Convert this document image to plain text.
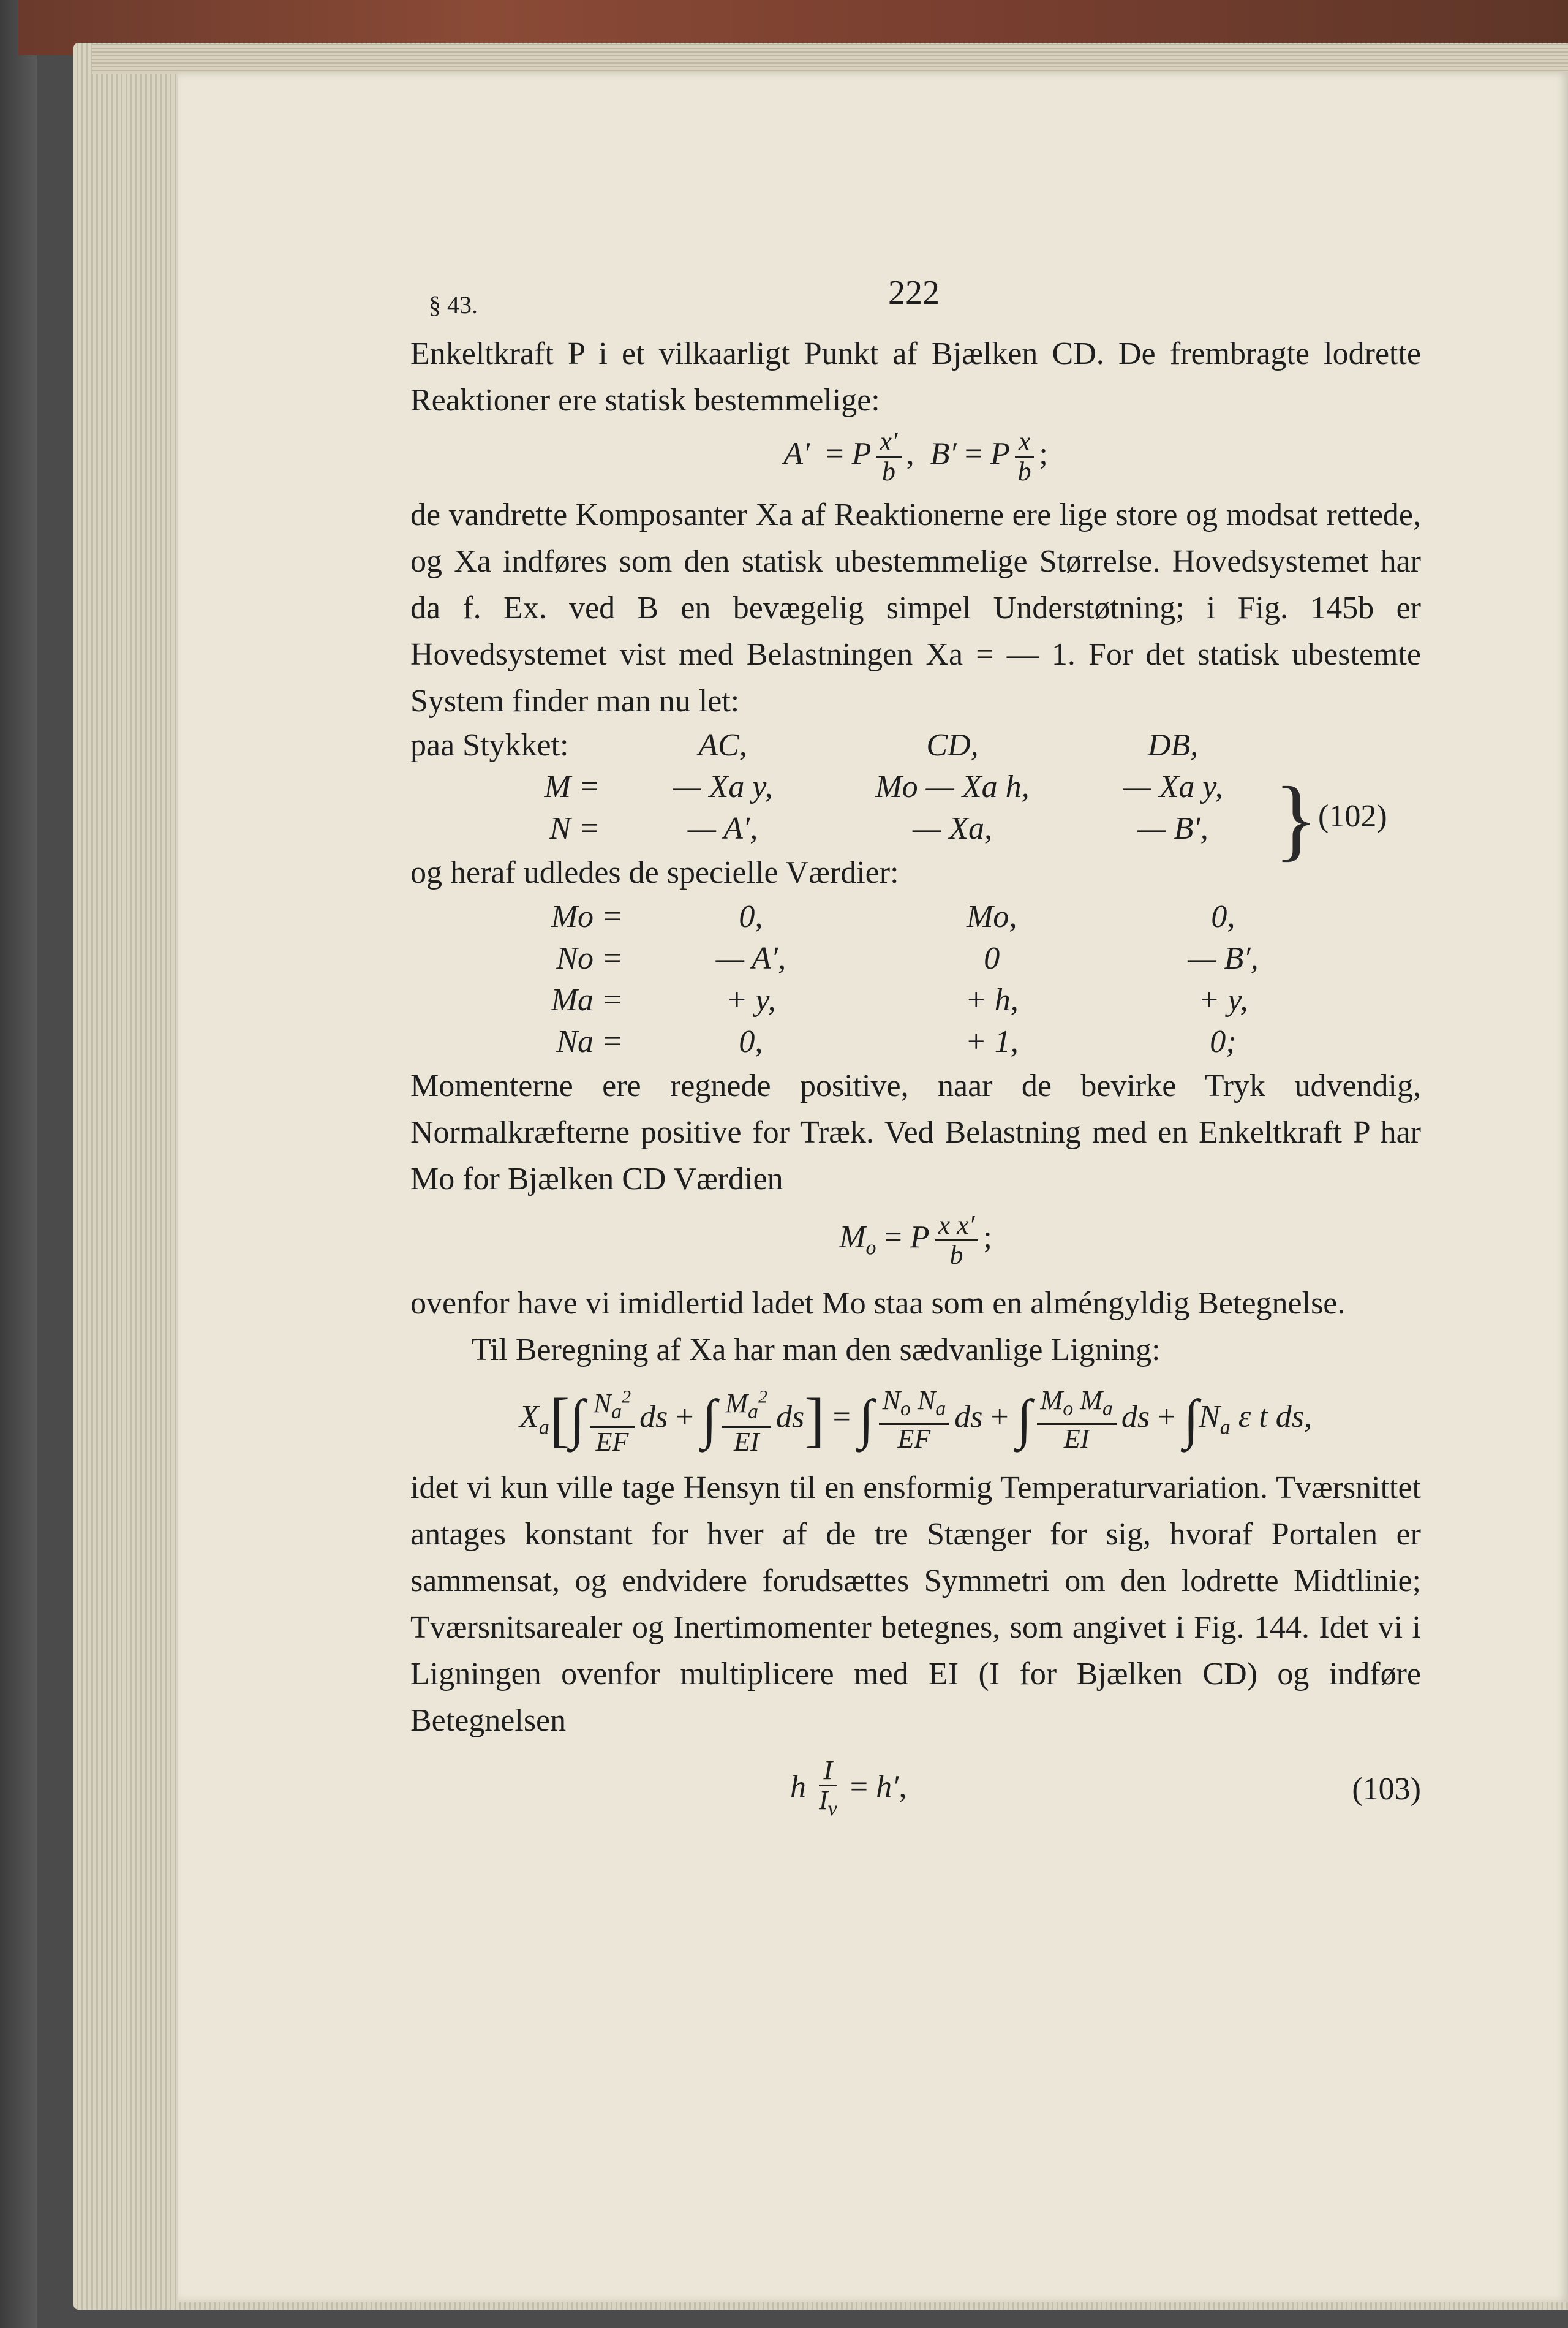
§ 43.	222

Enkeltkraft P i et vilkaarligt Punkt af Bjælken CD. De frembragte lodrette Reaktioner ere statisk bestemmelige:

A′  = P $\frac{x'}{b}$ ,  B′ = P $\frac{x}{b}$ ;

de vandrette Komposanter Xa af Reaktionerne ere lige store og modsat rettede, og Xa indføres som den statisk ubestemmelige Størrelse. Hovedsystemet har da f. Ex. ved B en bevægelig simpel Understøtning; i Fig. 145b er Hovedsystemet vist med Belastningen Xa = — 1. For det statisk ubestemte System finder man nu let:

paa Stykket:	AC,	CD,	DB,	}(102)
M =	— Xa y,	Mo — Xa h,	— Xa y,	
N =	— A′,	— Xa,	— B′,	

og heraf udledes de specielle Værdier:

Mo =	0,	Mo,	0,
No =	— A′,	0	— B′,
Ma =	+ y,	+ h,	+ y,
Na =	0,	+ 1,	0;

Momenterne ere regnede positive, naar de bevirke Tryk udvendig, Normalkræfterne positive for Træk. Ved Belastning med en Enkeltkraft P har Mo for Bjælken CD Værdien

$M_o = P \frac{\text{x x′}}{b}$ ;

ovenfor have vi imidlertid ladet Mo staa som en alméngyldig Betegnelse.

Til Beregning af Xa har man den sædvanlige Ligning:

$X_a[\int \frac{N_a^2}{EF}$ ds + ∫ $\frac{M_a^2}{EI} ds$] = ∫ $\frac{N_o N_a}{EF}$ ds + ∫ $\frac{M_o M_a}{EI}$ ds + $\int N_a$ ε t ds,

idet vi kun ville tage Hensyn til en ensformig Temperaturvariation. Tværsnittet antages konstant for hver af de tre Stænger for sig, hvoraf Portalen er sammensat, og endvidere forudsættes Symmetri om den lodrette Midtlinie; Tværsnitsarealer og Inertimomenter betegnes, som angivet i Fig. 144. Idet vi i Ligningen ovenfor multiplicere med EI (I for Bjælken CD) og indføre Betegnelsen

h $\frac{I}{I_v} = h'$,	(103)
